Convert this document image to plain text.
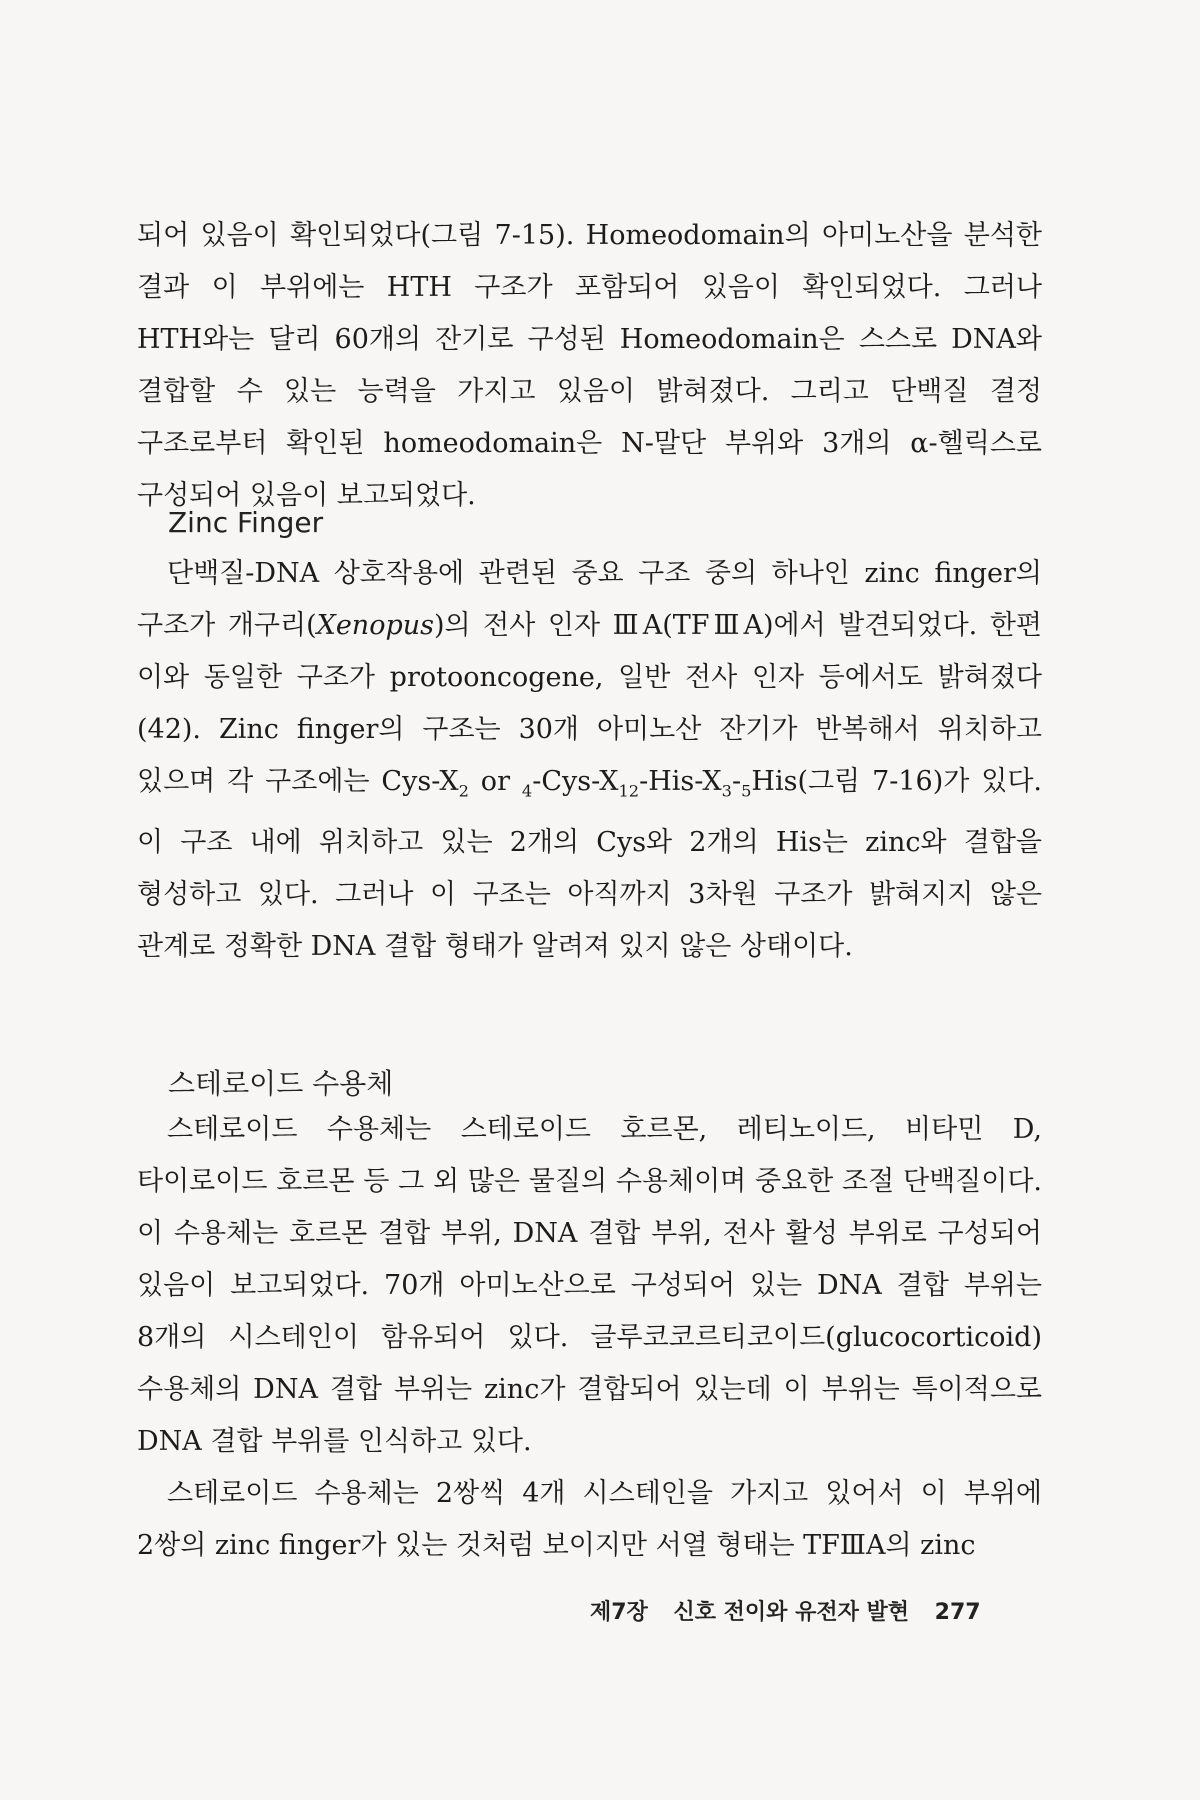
되어 있음이 확인되었다(그림 7-15). Homeodomain의 아미노산을 분석한 결과 이 부위에는 HTH 구조가 포함되어 있음이 확인되었다. 그러나 HTH와는 달리 60개의 잔기로 구성된 Homeodomain은 스스로 DNA와 결합할 수 있는 능력을 가지고 있음이 밝혀졌다. 그리고 단백질 결정 구조로부터 확인된 homeodomain은 N-말단 부위와 3개의 α-헬릭스로 구성되어 있음이 보고되었다.

Zinc Finger

단백질-DNA 상호작용에 관련된 중요 구조 중의 하나인 zinc finger의 구조가 개구리(Xenopus)의 전사 인자 ⅢA(TFⅢA)에서 발견되었다. 한편 이와 동일한 구조가 protooncogene, 일반 전사 인자 등에서도 밝혀졌다(42). Zinc finger의 구조는 30개 아미노산 잔기가 반복해서 위치하고 있으며 각 구조에는 Cys-$X_2$ or $_4-Cys-X_{12}-His-X_3-_5His$(그림 7-16)가 있다. 이 구조 내에 위치하고 있는 2개의 Cys와 2개의 His는 zinc와 결합을 형성하고 있다. 그러나 이 구조는 아직까지 3차원 구조가 밝혀지지 않은 관계로 정확한 DNA 결합 형태가 알려져 있지 않은 상태이다.

스테로이드 수용체

스테로이드 수용체는 스테로이드 호르몬, 레티노이드, 비타민 D, 타이로이드 호르몬 등 그 외 많은 물질의 수용체이며 중요한 조절 단백질이다. 이 수용체는 호르몬 결합 부위, DNA 결합 부위, 전사 활성 부위로 구성되어 있음이 보고되었다. 70개 아미노산으로 구성되어 있는 DNA 결합 부위는 8개의 시스테인이 함유되어 있다. 글루코코르티코이드(glucocorticoid) 수용체의 DNA 결합 부위는 zinc가 결합되어 있는데 이 부위는 특이적으로 DNA 결합 부위를 인식하고 있다.

스테로이드 수용체는 2쌍씩 4개 시스테인을 가지고 있어서 이 부위에 2쌍의 zinc finger가 있는 것처럼 보이지만 서열 형태는 TFⅢA의 zinc

제7장 신호 전이와 유전자 발현 277
